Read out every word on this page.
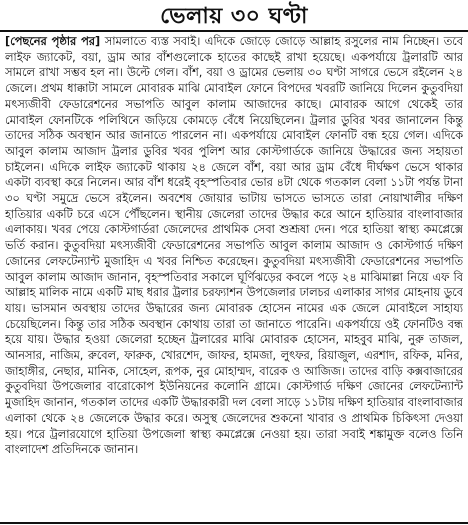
ভেলায় ৩০ ঘণ্টা
[পেছনের পৃষ্ঠার পর] সামলাতে ব্যস্ত সবাই। এদিকে জোড়ে জোড়ে আল্লাহ রসুলের নাম নিচ্ছেন। তবে লাইফ জ্যাকেট, বয়া, ড্রাম আর বাঁশগুলোকে হাতের কাছেই রাখা হয়েছে। একপর্যায়ে ট্রলারটি আর সামলে রাখা সম্ভব হল না। উল্টে গেল। বাঁশ, বয়া ও ড্রামের ভেলায় ৩০ ঘণ্টা সাগরে ভেসে রইলেন ২৪ জেলে। প্রথম ধাক্কাটা সামলে মোবারক মাঝি মোবাইল ফোনে বিপদের খবরটি জানিয়ে দিলেন কুতুবদিয়া মৎস্যজীবী ফেডারেশনের সভাপতি আবুল কালাম আজাদের কাছে। মোবারক আগে থেকেই তার মোবাইল ফোনটিকে পলিথিনে জড়িয়ে কোমড়ে বেঁধে নিয়েছিলেন। ট্রলার ডুবির খবর জানালেন কিন্তু তাদের সঠিক অবস্থান আর জানাতে পারলেন না। একপর্যায়ে মোবাইল ফোনটি বন্ধ হয়ে গেল। এদিকে আবুল কালাম আজাদ ট্রলার ডুবির খবর পুলিশ আর কোস্টগার্ডকে জানিয়ে উদ্ধারের জন্য সহায়তা চাইলেন। এদিকে লাইফ জ্যাকেট থাকায় ২৪ জেলে বাঁশ, বয়া আর ড্রাম বেঁধে দীর্ঘক্ষণ ভেসে থাকার একটা ব্যবস্থা করে নিলেন। আর বাঁশ ধরেই বৃহস্পতিবার ভোর ৪টা থেকে গতকাল বেলা ১১টা পর্যন্ত টানা ৩০ ঘণ্টা সমুদ্রে ভেসে রইলেন। অবশেষ জোয়ার ভাটায় ভাসতে ভাসতে তারা নোয়াখালীর দক্ষিণ হাতিয়ার একটি চরে এসে পৌঁছলেন। স্থানীয় জেলেরা তাদের উদ্ধার করে আনে হাতিয়ার বাংলাবাজার এলাকায়। খবর পেয়ে কোস্টগার্ডরা জেলেদের প্রাথমিক সেবা শুশ্রূষা দেন। পরে হাতিয়া স্বাস্থ্য কমপ্লেক্সে ভর্তি করান। কুতুবদিয়া মৎস্যজীবী ফেডারেশনের সভাপতি আবুল কালাম আজাদ ও কোস্টগার্ড দক্ষিণ জোনের লেফটেন্যান্ট মুজাহিদ এ খবর নিশ্চিত করেছেন। কুতুবদিয়া মৎস্যজীবী ফেডারেশনের সভাপতি আবুল কালাম আজাদ জানান, বৃহস্পতিবার সকালে ঘূর্ণিঝড়ের কবলে পড়ে ২৪ মাঝিমাল্লা নিয়ে এফ বি আল্লাহ মালিক নামে একটি মাছ ধরার ট্রলার চরফ্যাশন উপজেলার ঢালচর এলাকার সাগর মোহনায় ডুবে যায়। ভাসমান অবস্থায় তাদের উদ্ধারের জন্য মোবারক হোসেন নামের এক জেলে মোবাইলে সাহায্য চেয়েছিলেন। কিন্তু তার সঠিক অবস্থান কোথায় তারা তা জানাতে পারেনি। একপর্যায়ে ওই ফোনটিও বন্ধ হয়ে যায়। উদ্ধার হওয়া জেলেরা হচ্ছেন ট্রলারের মাঝি মোবারক হোসেন, মাহবুব মাঝি, নুরু তাজল, আনসার, নাজিম, রুবেল, ফারুক, খোরশেদ, জাফর, হামজা, লুৎফর, রিয়াজুল, এরশাদ, রফিক, মনির, জাহাঙ্গীর, নেছার, মানিক, সোহেল, রূপক, নুর মোহাম্মদ, বারেক ও আজিজ। তাদের বাড়ি কক্সবাজারের কুতুবদিয়া উপজেলার বারোকোপ ইউনিয়নের কলোনি গ্রামে। কোস্টগার্ড দক্ষিণ জোনের লেফটেন্যান্ট মুজাহিদ জানান, গতকাল তাদের একটি উদ্ধারকারী দল বেলা সাড়ে ১১টায় দক্ষিণ হাতিয়ার বাংলাবাজার এলাকা থেকে ২৪ জেলেকে উদ্ধার করে। অসুস্থ জেলেদের শুকনো খাবার ও প্রাথমিক চিকিৎসা দেওয়া হয়। পরে ট্রলারযোগে হাতিয়া উপজেলা স্বাস্থ্য কমপ্লেক্সে নেওয়া হয়। তারা সবাই শঙ্কামুক্ত বলেও তিনি বাংলাদেশ প্রতিদিনকে জানান।
